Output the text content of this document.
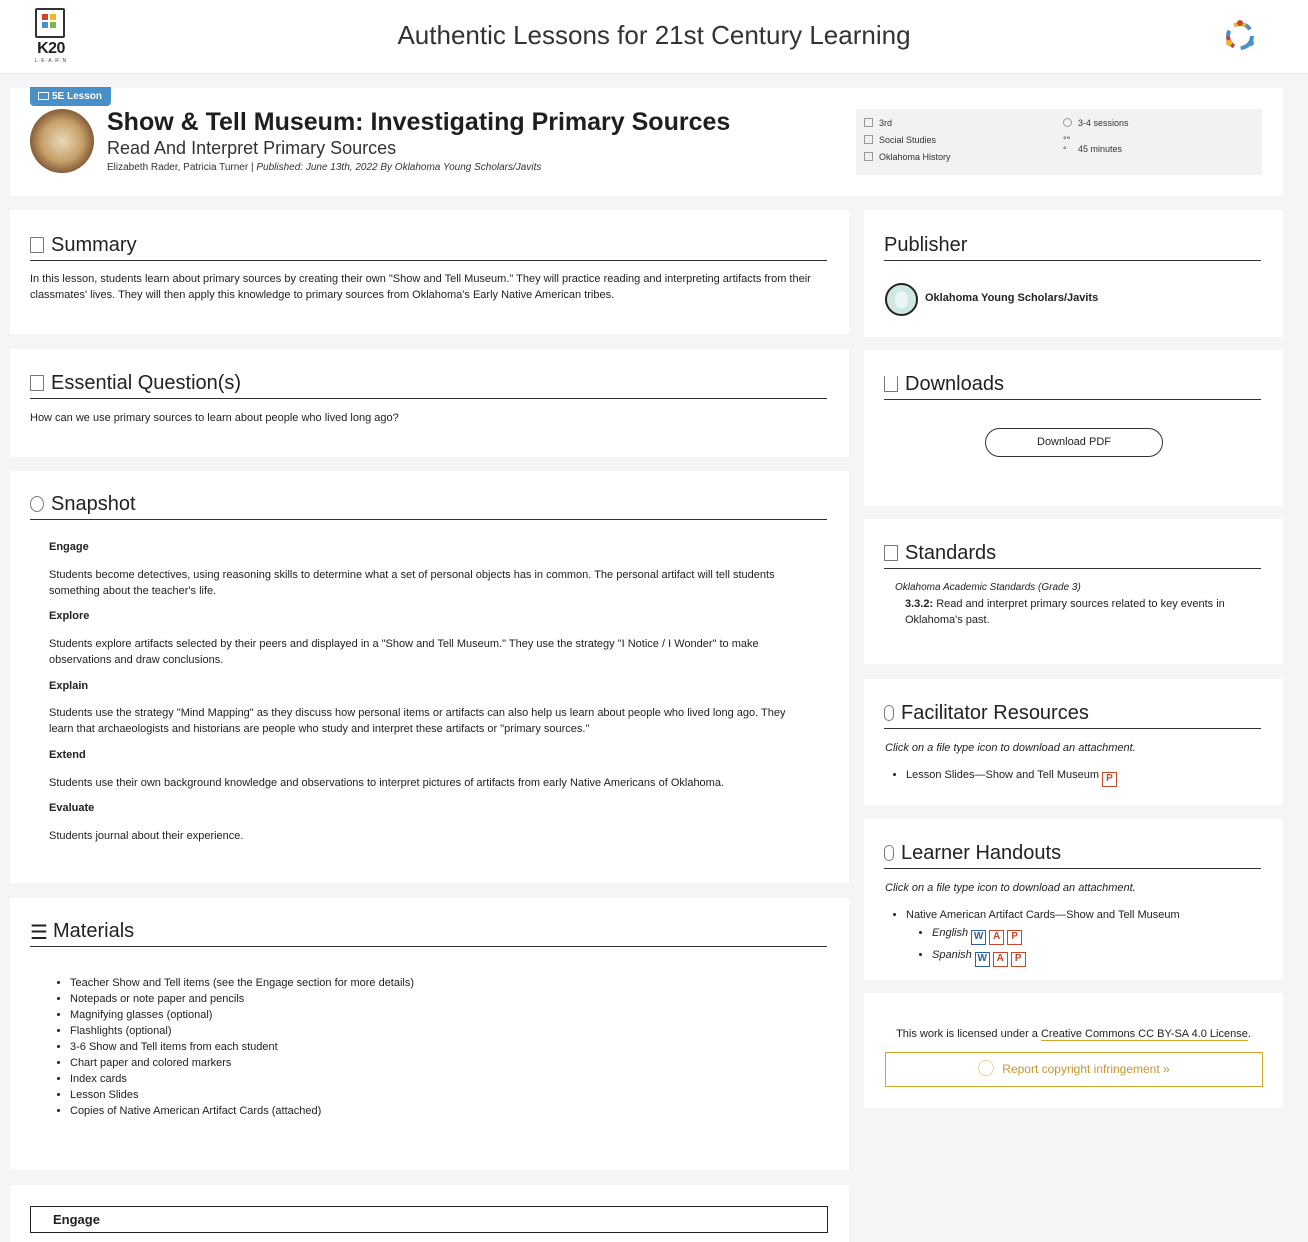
K20
L·E·A·R·N
Authentic Lessons for 21st Century Learning
5E Lesson
Show & Tell Museum: Investigating Primary Sources
Read And Interpret Primary Sources
Elizabeth Rader, Patricia Turner | Published: June 13th, 2022 By Oklahoma Young Scholars/Javits
3rd
Social Studies
Oklahoma History
3-4 sessions
°°° 45 minutes
Summary
In this lesson, students learn about primary sources by creating their own "Show and Tell Museum." They will practice reading and interpreting artifacts from their classmates' lives. They will then apply this knowledge to primary sources from Oklahoma's Early Native American tribes.
Essential Question(s)
How can we use primary sources to learn about people who lived long ago?
Snapshot
Engage
Students become detectives, using reasoning skills to determine what a set of personal objects has in common. The personal artifact will tell students something about the teacher's life.
Explore
Students explore artifacts selected by their peers and displayed in a "Show and Tell Museum." They use the strategy "I Notice / I Wonder" to make observations and draw conclusions.
Explain
Students use the strategy "Mind Mapping" as they discuss how personal items or artifacts can also help us learn about people who lived long ago. They learn that archaeologists and historians are people who study and interpret these artifacts or "primary sources."
Extend
Students use their own background knowledge and observations to interpret pictures of artifacts from early Native Americans of Oklahoma.
Evaluate
Students journal about their experience.
☰ Materials
• Teacher Show and Tell items (see the Engage section for more details)
• Notepads or note paper and pencils
• Magnifying glasses (optional)
• Flashlights (optional)
• 3-6 Show and Tell items from each student
• Chart paper and colored markers
• Index cards
• Lesson Slides
• Copies of Native American Artifact Cards (attached)
Engage
Publisher
Oklahoma Young Scholars/Javits
Downloads
Download PDF
Standards
Oklahoma Academic Standards (Grade 3)
3.3.2: Read and interpret primary sources related to key events in Oklahoma's past.
Facilitator Resources
Click on a file type icon to download an attachment.
• Lesson Slides—Show and Tell Museum P
Learner Handouts
Click on a file type icon to download an attachment.
• Native American Artifact Cards—Show and Tell Museum
• English W A P
• Spanish W A P
This work is licensed under a Creative Commons CC BY-SA 4.0 License.
Report copyright infringement »
